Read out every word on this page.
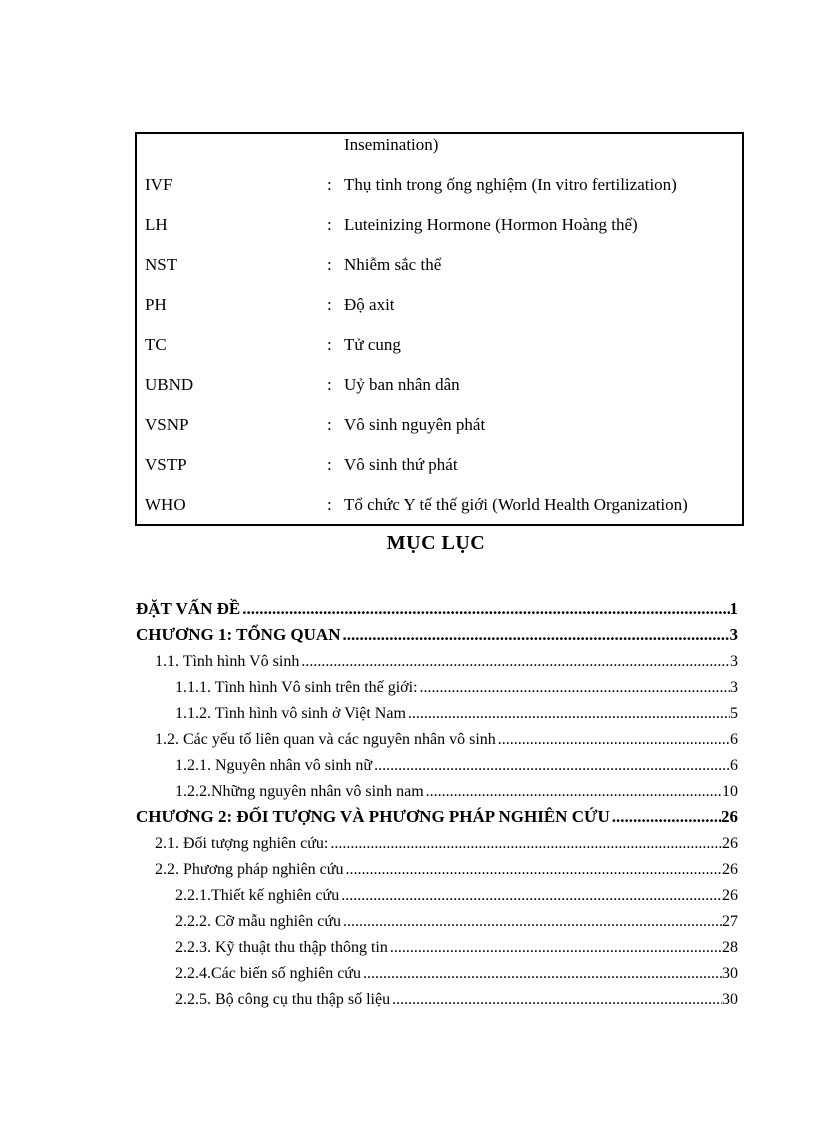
Insemination)
IVF	: Thụ tinh trong ống nghiệm (In vitro fertilization)
LH	: Luteinizing Hormone (Hormon Hoàng thể)
NST	: Nhiễm sắc thể
PH	: Độ axit
TC	: Tử cung
UBND	: Uỷ ban nhân dân
VSNP	: Vô sinh nguyên phát
VSTP	: Vô sinh thứ phát
WHO	: Tổ chức Y tế thế giới (World Health Organization)
MỤC LỤC
ĐẶT VẤN ĐỀ .....	1
CHƯƠNG 1: TỔNG QUAN .....	3
1.1. Tình hình Vô sinh .....	3
1.1.1. Tình hình Vô sinh trên thế giới: .....	3
1.1.2. Tình hình vô sinh ở Việt Nam .....	5
1.2. Các yếu tố liên quan và các nguyên nhân vô sinh .....	6
1.2.1. Nguyên nhân vô sinh nữ .....	6
1.2.2.Những nguyên nhân vô sinh nam .....	10
CHƯƠNG 2: ĐỐI TƯỢNG VÀ PHƯƠNG PHÁP NGHIÊN CỨU .....	26
2.1. Đối tượng nghiên cứu: .....	26
2.2. Phương pháp nghiên cứu .....	26
2.2.1.Thiết kế nghiên cứu .....	26
2.2.2. Cỡ mẫu nghiên cứu .....	27
2.2.3. Kỹ thuật thu thập thông tin .....	28
2.2.4.Các biến số nghiên cứu .....	30
2.2.5. Bộ công cụ thu thập số liệu .....	30
